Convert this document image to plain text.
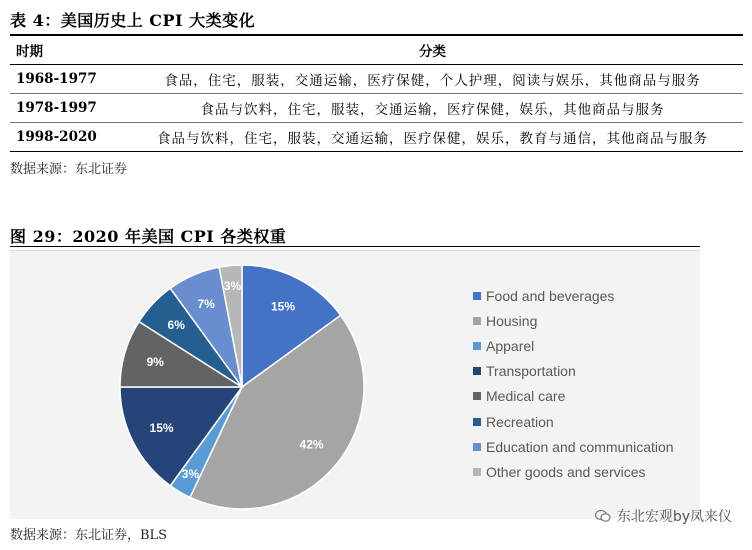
表 4：美国历史上 CPI 大类变化
时期	分类
1968-1977	食品，住宅，服装，交通运输，医疗保健，个人护理，阅读与娱乐，其他商品与服务
1978-1997	食品与饮料，住宅，服装，交通运输，医疗保健，娱乐，其他商品与服务
1998-2020	食品与饮料，住宅，服装，交通运输，医疗保健，娱乐，教育与通信，其他商品与服务
数据来源：东北证券
图 29：2020 年美国 CPI 各类权重
15%
42%
3%
15%
9%
6%
7%
3%
Food and beverages
Housing
Apparel
Transportation
Medical care
Recreation
Education and communication
Other goods and services
数据来源：东北证券，BLS
东北宏观by凤来仪
